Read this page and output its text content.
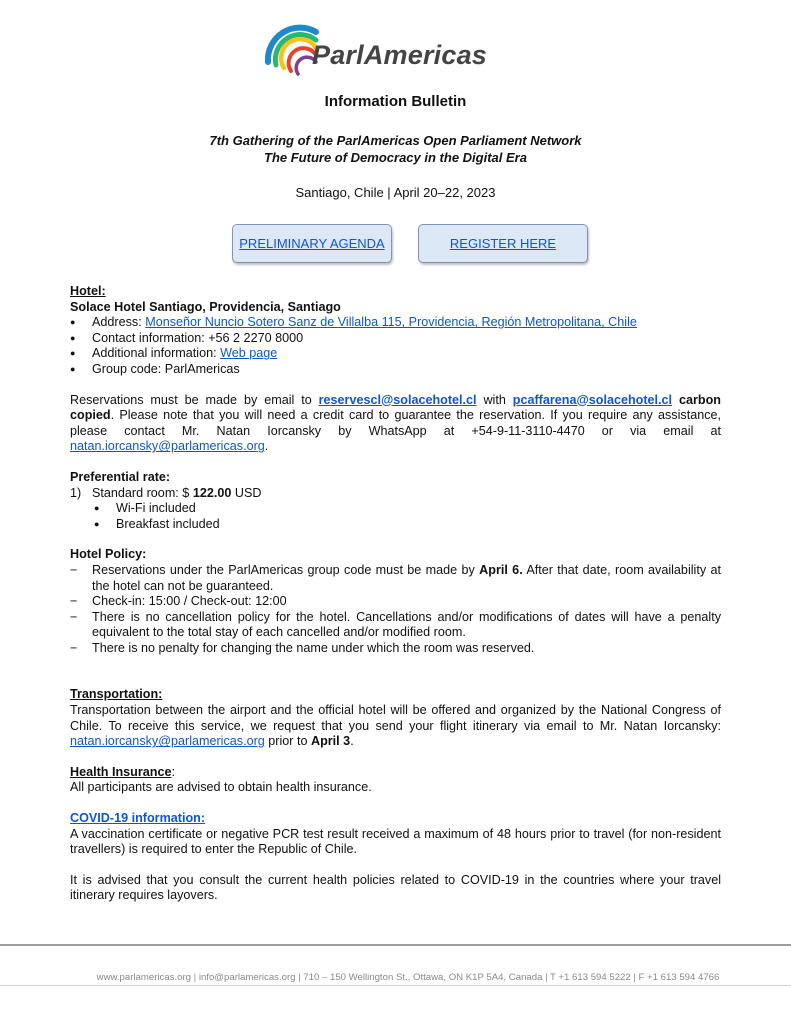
ParlAmericas
Information Bulletin
7th Gathering of the ParlAmericas Open Parliament Network
The Future of Democracy in the Digital Era
Santiago, Chile | April 20–22, 2023
PRELIMINARY AGENDA	REGISTER HERE

Hotel:

Solace Hotel Santiago, Providencia, Santiago

● Address: Monseñor Nuncio Sotero Sanz de Villalba 115, Providencia, Región Metropolitana, Chile
● Contact information: +56 2 2270 8000
● Additional information: Web page
● Group code: ParlAmericas

Reservations must be made by email to reservescl@solacehotel.cl with pcaffarena@solacehotel.cl carbon copied. Please note that you will need a credit card to guarantee the reservation. If you require any assistance, please contact Mr. Natan Iorcansky by WhatsApp at +54-9-11-3110-4470 or via email at natan.iorcansky@parlamericas.org.

Preferential rate:

1) Standard room: $ 122.00 USD
● Wi-Fi included
● Breakfast included

Hotel Policy:

− Reservations under the ParlAmericas group code must be made by April 6. After that date, room availability at the hotel can not be guaranteed.
− Check-in: 15:00 / Check-out: 12:00
− There is no cancellation policy for the hotel. Cancellations and/or modifications of dates will have a penalty equivalent to the total stay of each cancelled and/or modified room.
− There is no penalty for changing the name under which the room was reserved.

Transportation:

Transportation between the airport and the official hotel will be offered and organized by the National Congress of Chile. To receive this service, we request that you send your flight itinerary via email to Mr. Natan Iorcansky: natan.iorcansky@parlamericas.org prior to April 3.

Health Insurance:

All participants are advised to obtain health insurance.

COVID-19 information:

A vaccination certificate or negative PCR test result received a maximum of 48 hours prior to travel (for non-resident travellers) is required to enter the Republic of Chile.

It is advised that you consult the current health policies related to COVID-19 in the countries where your travel itinerary requires layovers.

www.parlamericas.org | info@parlamericas.org | 710 – 150 Wellington St., Ottawa, ON K1P 5A4, Canada | T +1 613 594 5222 | F +1 613 594 4766
